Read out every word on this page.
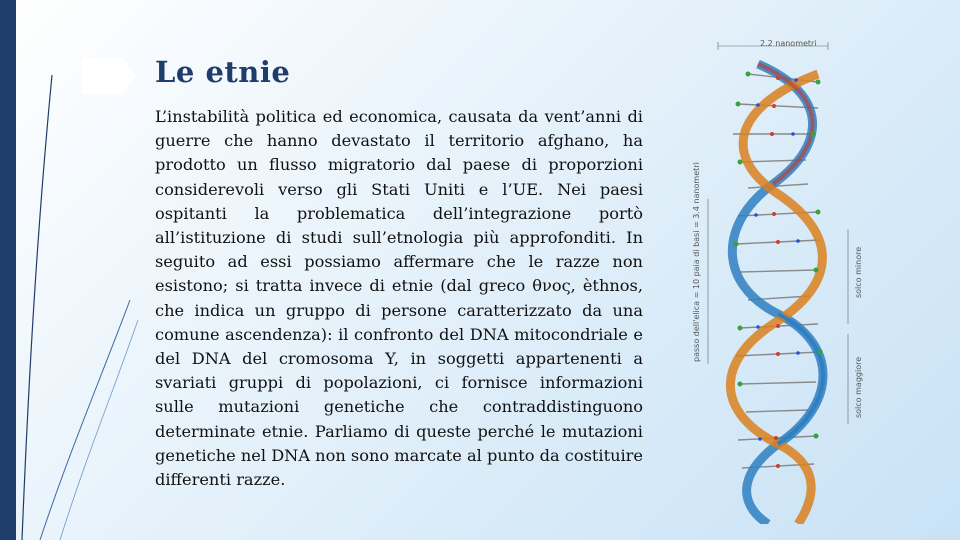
Le etnie
L’instabilità politica ed economica, causata da vent’anni di guerre che hanno devastato il territorio afghano, ha prodotto un flusso migratorio dal paese di proporzioni considerevoli verso gli Stati Uniti e l’UE. Nei paesi ospitanti la problematica dell’integrazione portò all’istituzione di studi sull’etnologia più approfonditi. In seguito ad essi possiamo affermare che le razze non esistono; si tratta invece di etnie (dal greco θνος, èthnos, che indica un gruppo di persone caratterizzato da una comune ascendenza): il confronto del DNA mitocondriale e del DNA del cromosoma Y, in soggetti appartenenti a svariati gruppi di popolazioni, ci fornisce informazioni sulle mutazioni genetiche che contraddistinguono determinate etnie. Parliamo di queste perché le mutazioni genetiche nel DNA non sono marcate al punto da costituire differenti razze.
2.2 nanometri
passo dell'elica = 10 paia di basi = 3.4 nanometri	solco minore
solco maggiore
